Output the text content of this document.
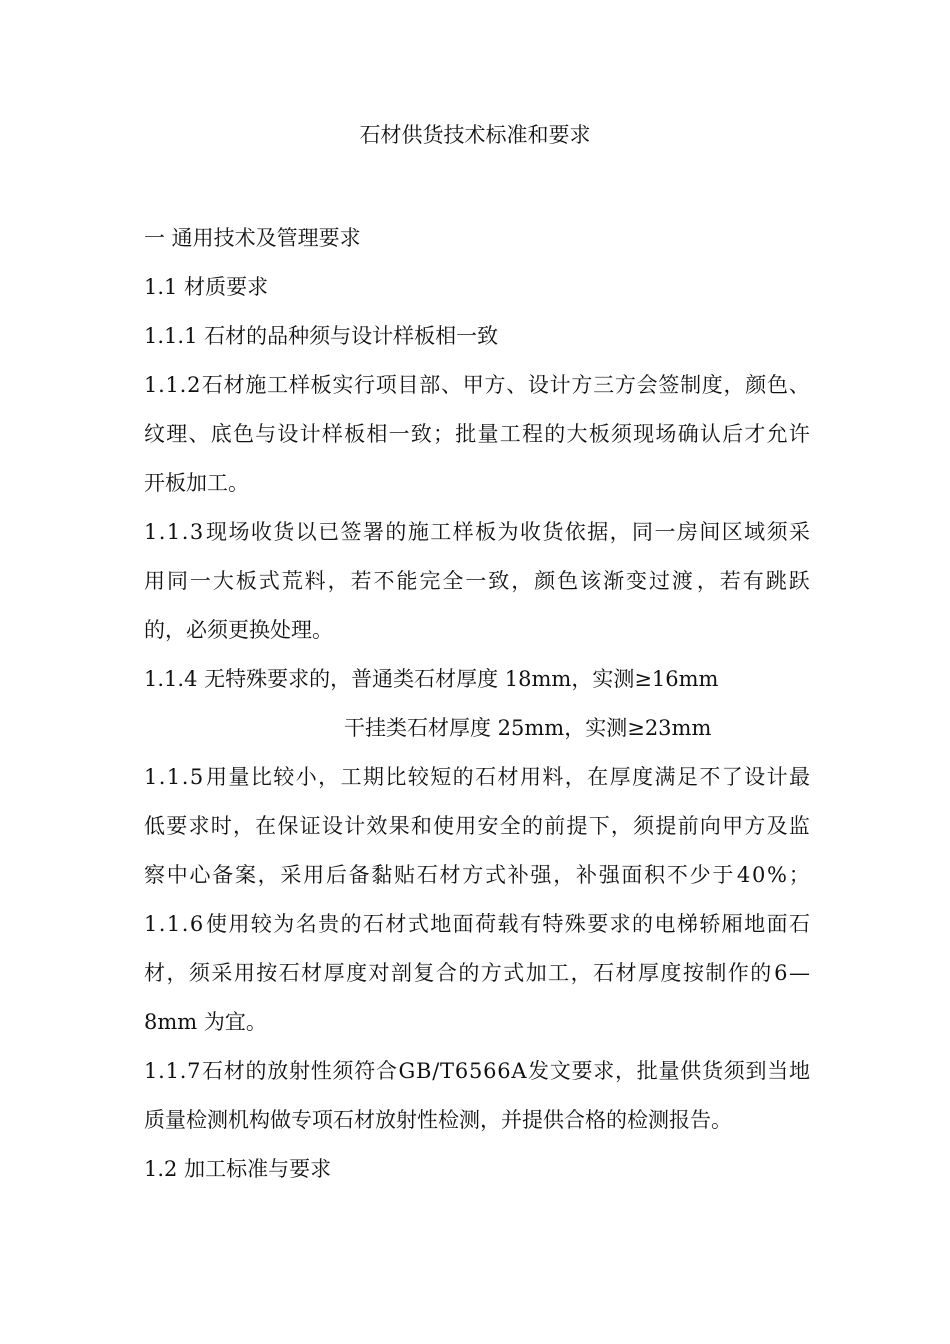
石材供货技术标准和要求
一 通用技术及管理要求
1.1 材质要求
1.1.1 石材的品种须与设计样板相一致
1 . 1 . 2 石 材 施 工 样 板 实 行 项 目 部 、 甲 方 、 设 计 方 三 方 会 签 制 度 ， 颜 色 、
纹 理 、 底 色 与 设 计 样 板 相 一 致 ； 批 量 工 程 的 大 板 须 现 场 确 认 后 才 允 许
开板加工。
1 . 1 . 3 现 场 收 货 以 已 签 署 的 施 工 样 板 为 收 货 依 据 ， 同 一 房 间 区 域 须 采
用 同 一 大 板 式 荒 料 ， 若 不 能 完 全 一 致 ， 颜 色 该 渐 变 过 渡 ， 若 有 跳 跃
的，必须更换处理。
1.1.4 无特殊要求的，普通类石材厚度 18mm，实测≥16mm
干挂类石材厚度 25mm，实测≥23mm
1 . 1 . 5 用 量 比 较 小 ， 工 期 比 较 短 的 石 材 用 料 ， 在 厚 度 满 足 不 了 设 计 最
低 要 求 时 ， 在 保 证 设 计 效 果 和 使 用 安 全 的 前 提 下 ， 须 提 前 向 甲 方 及 监
察 中 心 备 案 ， 采 用 后 备 黏 贴 石 材 方 式 补 强 ， 补 强 面 积 不 少 于 4 0 % ；
1 . 1 . 6 使 用 较 为 名 贵 的 石 材 式 地 面 荷 载 有 特 殊 要 求 的 电 梯 轿 厢 地 面 石
材 ， 须 采 用 按 石 材 厚 度 对 剖 复 合 的 方 式 加 工 ， 石 材 厚 度 按 制 作 的 6 —
8mm 为宜。
1 . 1 . 7 石 材 的 放 射 性 须 符 合 G B / T 6 5 6 6 A 发 文 要 求 ， 批 量 供 货 须 到 当 地
质量检测机构做专项石材放射性检测，并提供合格的检测报告。
1.2 加工标准与要求
